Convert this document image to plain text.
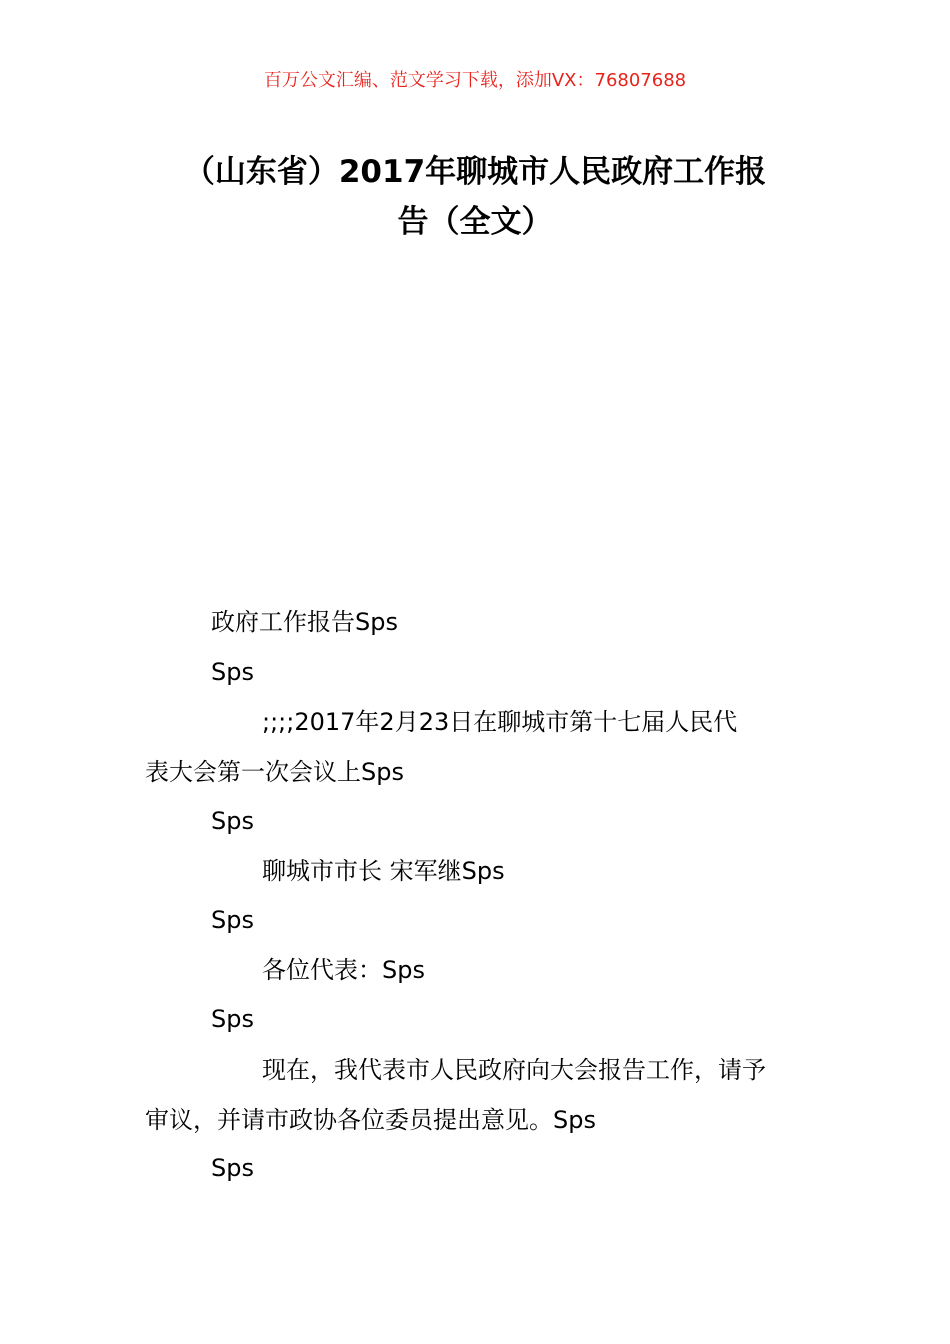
百万公文汇编、范文学习下载，添加VX：76807688
（山东省）2017年聊城市人民政府工作报
告（全文）
政府工作报告Sps
Sps
;;;;2017年2月23日在聊城市第十七届人民代
表大会第一次会议上Sps
Sps
聊城市市长 宋军继Sps
Sps
各位代表：Sps
Sps
现在，我代表市人民政府向大会报告工作，请予
审议，并请市政协各位委员提出意见。Sps
Sps
